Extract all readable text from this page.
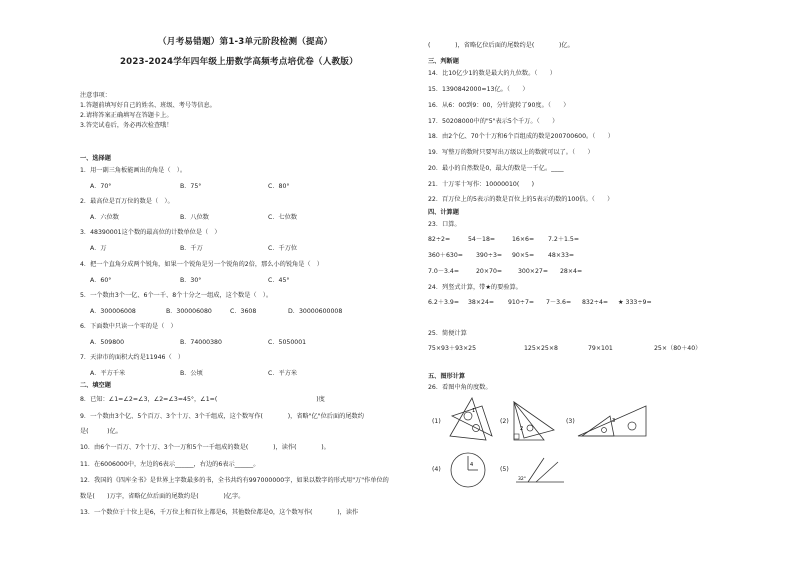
（月考易错题）第1-3单元阶段检测（提高）
2023-2024学年四年级上册数学高频考点培优卷（人教版）
注意事项：
1.答题前填写好自己的姓名、班级、考号等信息。
2.请将答案正确填写在答题卡上。
3.答完试卷后，务必再次检查哦！
一、选择题
1．用一副三角板能画出的角是（　）。
A．70°	B．75°	C．80°
2．最高位是百万位的数是（　）。
A．六位数	B．八位数	C．七位数
3．48390001这个数的最高位的计数单位是（　）
A．万	B．千万	C．千万位
4．把一个直角分成两个锐角，如果一个锐角是另一个锐角的2倍，那么小的锐角是（　）
A．60°	B．30°	C．45°
5．一个数由3个一亿、6个一千、8个十分之一组成，这个数是（　）。
A．300006008	B．300006080	C．3608	D．30000600008
6．下面数中只读一个零的是（　）
A．509800	B．74000380	C．5050001
7．天津市的面积大约是11946（　）
A．平方千米	B．公顷	C．平方米
二、填空题
8．已知：∠1=∠2=∠3，∠2=∠3=45°，∠1=(　　　　　　　　　　　　　　　　)度
9．一个数由3个亿、5个百万、3个十万、3个千组成，这个数写作(　　　　)，省略"亿"位后面的尾数约
是(　　　)亿。
10．由6个一百万、7个十万、3个一万和5个一千组成的数是(　　　　)，读作(　　　　)。
11．在6006000中，左边的6表示______，右边的6表示______。
12．我国的《四库全书》是世界上字数最多的书，全书共约有997000000字，如果以数字的形式用"万"作单位的
数是(　　)万字，省略亿位后面的尾数约是(　　　　)亿字。
13．一个数位于十位上是6，千万位上和百位上都是6，其他数位都是0，这个数写作(　　　　)，读作
(　　　　)，省略亿位后面的尾数约是(　　　　)亿。
三、判断题
14．比10亿少1的数是最大的九位数。（　　）
15．1390842000≈13亿。（　　）
16．从6：00到9：00，分针旋转了90度。（　　）
17．50208000中的"5"表示5个千万。（　　）
18．由2个亿、70个十万和6个百组成的数是200700600。（　　）
19．写整万的数时只要写出万级以上的数就可以了。（　　）
20．最小的自然数是0，最大的数是一千亿。____
21．十万零十写作：10000010(　　)
22．百万位上的5表示的数是百位上的5表示的数的100倍。（　　）
四、计算题
23．口算。
82÷2=	54－18=	16×6= 7.2＋1.5=
360＋630= 390÷3= 90×5= 48×33=
7.0－3.4=	20×70=	300×27= 28×4=
24．列竖式计算，带★的要验算。
6.2＋3.9= 38×24= 910÷7= 7－3.6= 832÷4= ★ 333÷9=
25．简便计算
75×93＋93×25	125×25×8	79×101	25×（80＋40）
五、图形计算
26．看图中角的度数。
(1)	(2)	(3)
(4)	(5)
1
2
3
4
32°
